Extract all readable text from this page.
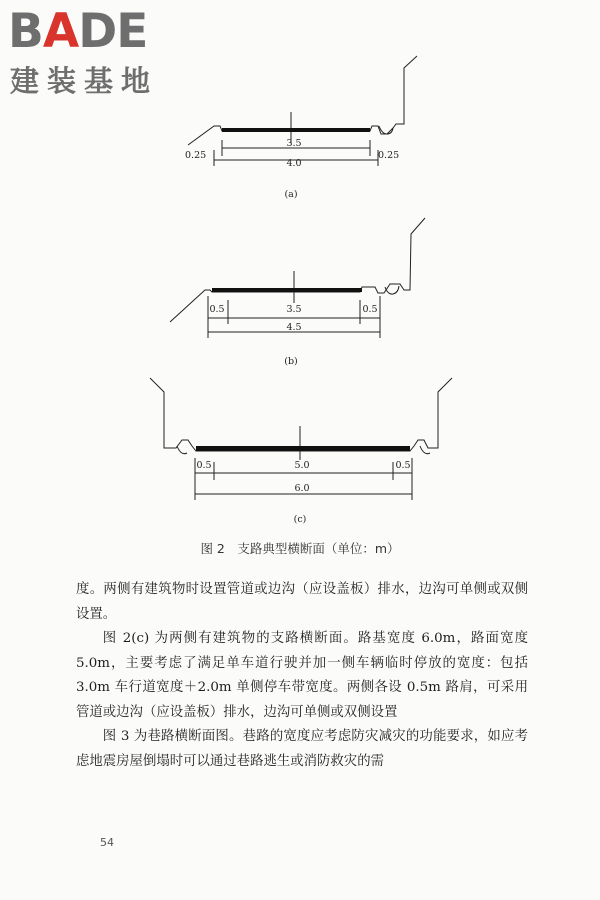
BADE
建装基地
3.5
0.25	0.25
4.0
(a)
0.5	3.5	0.5
4.5
(b)
0.5	5.0	0.5
6.0
(c)
图 2　支路典型横断面（单位：m）

度。两侧有建筑物时设置管道或边沟（应设盖板）排水，边沟可单侧或双侧设置。

图 2(c) 为两侧有建筑物的支路横断面。路基宽度 6.0m，路面宽度 5.0m，主要考虑了满足单车道行驶并加一侧车辆临时停放的宽度：包括 3.0m 车行道宽度＋2.0m 单侧停车带宽度。两侧各设 0.5m 路肩，可采用管道或边沟（应设盖板）排水，边沟可单侧或双侧设置

图 3 为巷路横断面图。巷路的宽度应考虑防灾减灾的功能要求，如应考虑地震房屋倒塌时可以通过巷路逃生或消防救灾的需

54
